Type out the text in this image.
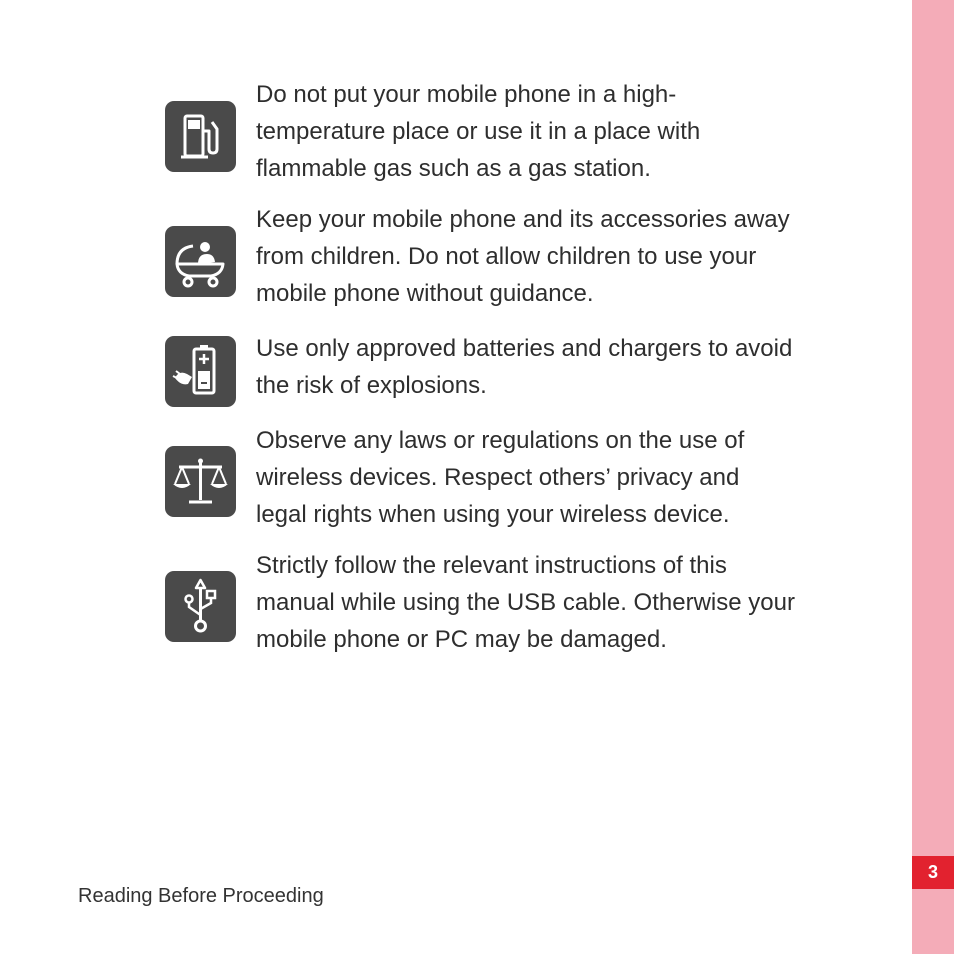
3
Do not put your mobile phone in a high-temperature place or use it in a place with flammable gas such as a gas station.
Keep your mobile phone and its accessories away from children. Do not allow children to use your mobile phone without guidance.
Use only approved batteries and chargers to avoid the risk of explosions.
Observe any laws or regulations on the use of wireless devices. Respect others’ privacy and legal rights when using your wireless device.
Strictly follow the relevant instructions of this manual while using the USB cable. Otherwise your mobile phone or PC may be damaged.
Reading Before Proceeding
